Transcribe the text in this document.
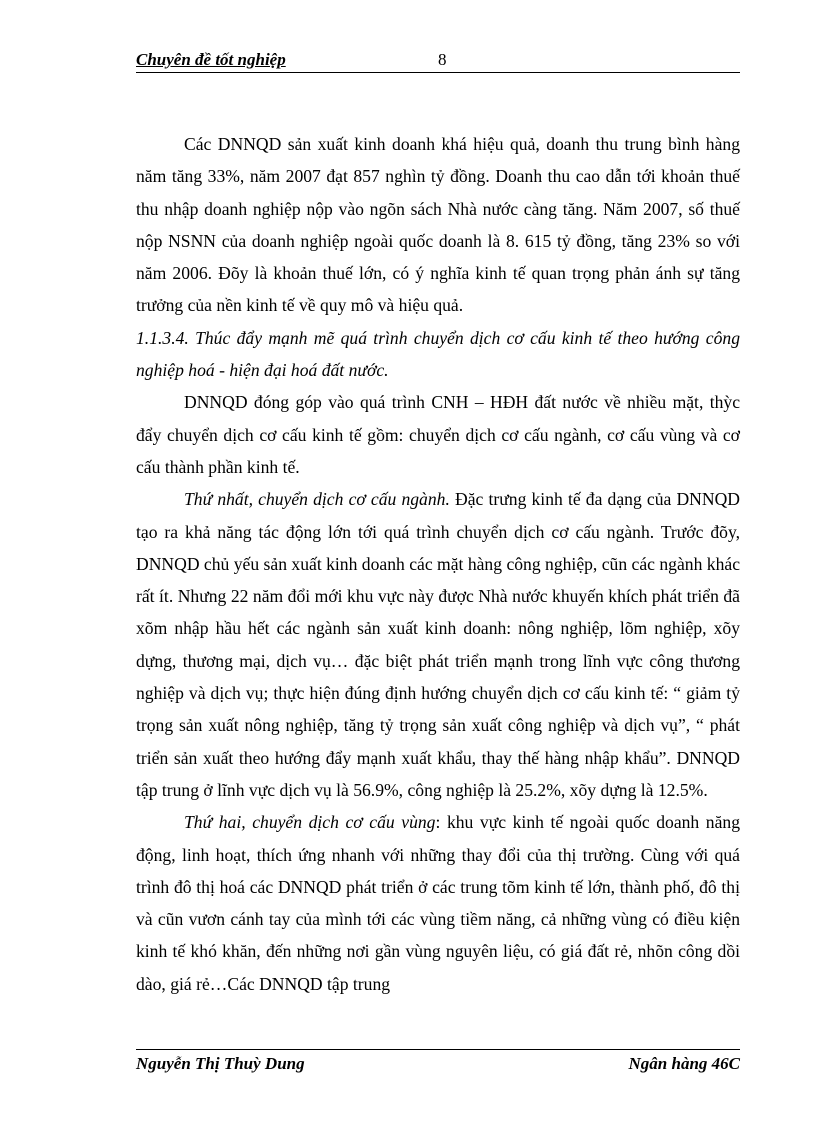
Chuyên đề tốt nghiệp	8

Các DNNQD sản xuất kinh doanh khá hiệu quả, doanh thu trung bình hàng năm tăng 33%, năm 2007 đạt 857 nghìn tỷ đồng. Doanh thu cao dẫn tới khoản thuế thu nhập doanh nghiệp nộp vào ngõn sách Nhà nước càng tăng. Năm 2007, số thuế nộp NSNN của doanh nghiệp ngoài quốc doanh là 8. 615 tỷ đồng, tăng 23% so với năm 2006. Đõy là khoản thuế lớn, có ý nghĩa kinh tế quan trọng phản ánh sự tăng trưởng của nền kinh tế về quy mô và hiệu quả.

1.1.3.4. Thúc đẩy mạnh mẽ quá trình chuyển dịch cơ cấu kinh tế theo hướng công nghiệp hoá - hiện đại hoá đất nước.

DNNQD đóng góp vào quá trình CNH – HĐH đất nước về nhiều mặt, thỳc đẩy chuyển dịch cơ cấu kinh tế gồm: chuyển dịch cơ cấu ngành, cơ cấu vùng và cơ cấu thành phần kinh tế.

Thứ nhất, chuyển dịch cơ cấu ngành. Đặc trưng kinh tế đa dạng của DNNQD tạo ra khả năng tác động lớn tới quá trình chuyển dịch cơ cấu ngành. Trước đõy, DNNQD chủ yếu sản xuất kinh doanh các mặt hàng công nghiệp, cũn các ngành khác rất ít. Nhưng 22 năm đổi mới khu vực này được Nhà nước khuyến khích phát triển đã xõm nhập hầu hết các ngành sản xuất kinh doanh: nông nghiệp, lõm nghiệp, xõy dựng, thương mại, dịch vụ… đặc biệt phát triển mạnh trong lĩnh vực công thương nghiệp và dịch vụ; thực hiện đúng định hướng chuyển dịch cơ cấu kinh tế: “ giảm tỷ trọng sản xuất nông nghiệp, tăng tỷ trọng sản xuất công nghiệp và dịch vụ”, “ phát triển sản xuất theo hướng đẩy mạnh xuất khẩu, thay thế hàng nhập khẩu”. DNNQD tập trung ở lĩnh vực dịch vụ là 56.9%, công nghiệp là 25.2%, xõy dựng là 12.5%.

Thứ hai, chuyển dịch cơ cấu vùng: khu vực kinh tế ngoài quốc doanh năng động, linh hoạt, thích ứng nhanh với những thay đổi của thị trường. Cùng với quá trình đô thị hoá các DNNQD phát triển ở các trung tõm kinh tế lớn, thành phố, đô thị và cũn vươn cánh tay của mình tới các vùng tiềm năng, cả những vùng có điều kiện kinh tế khó khăn, đến những nơi gần vùng nguyên liệu, có giá đất rẻ, nhõn công dồi dào, giá rẻ…Các DNNQD tập trung

Nguyễn Thị Thuỳ Dung	Ngân hàng 46C
